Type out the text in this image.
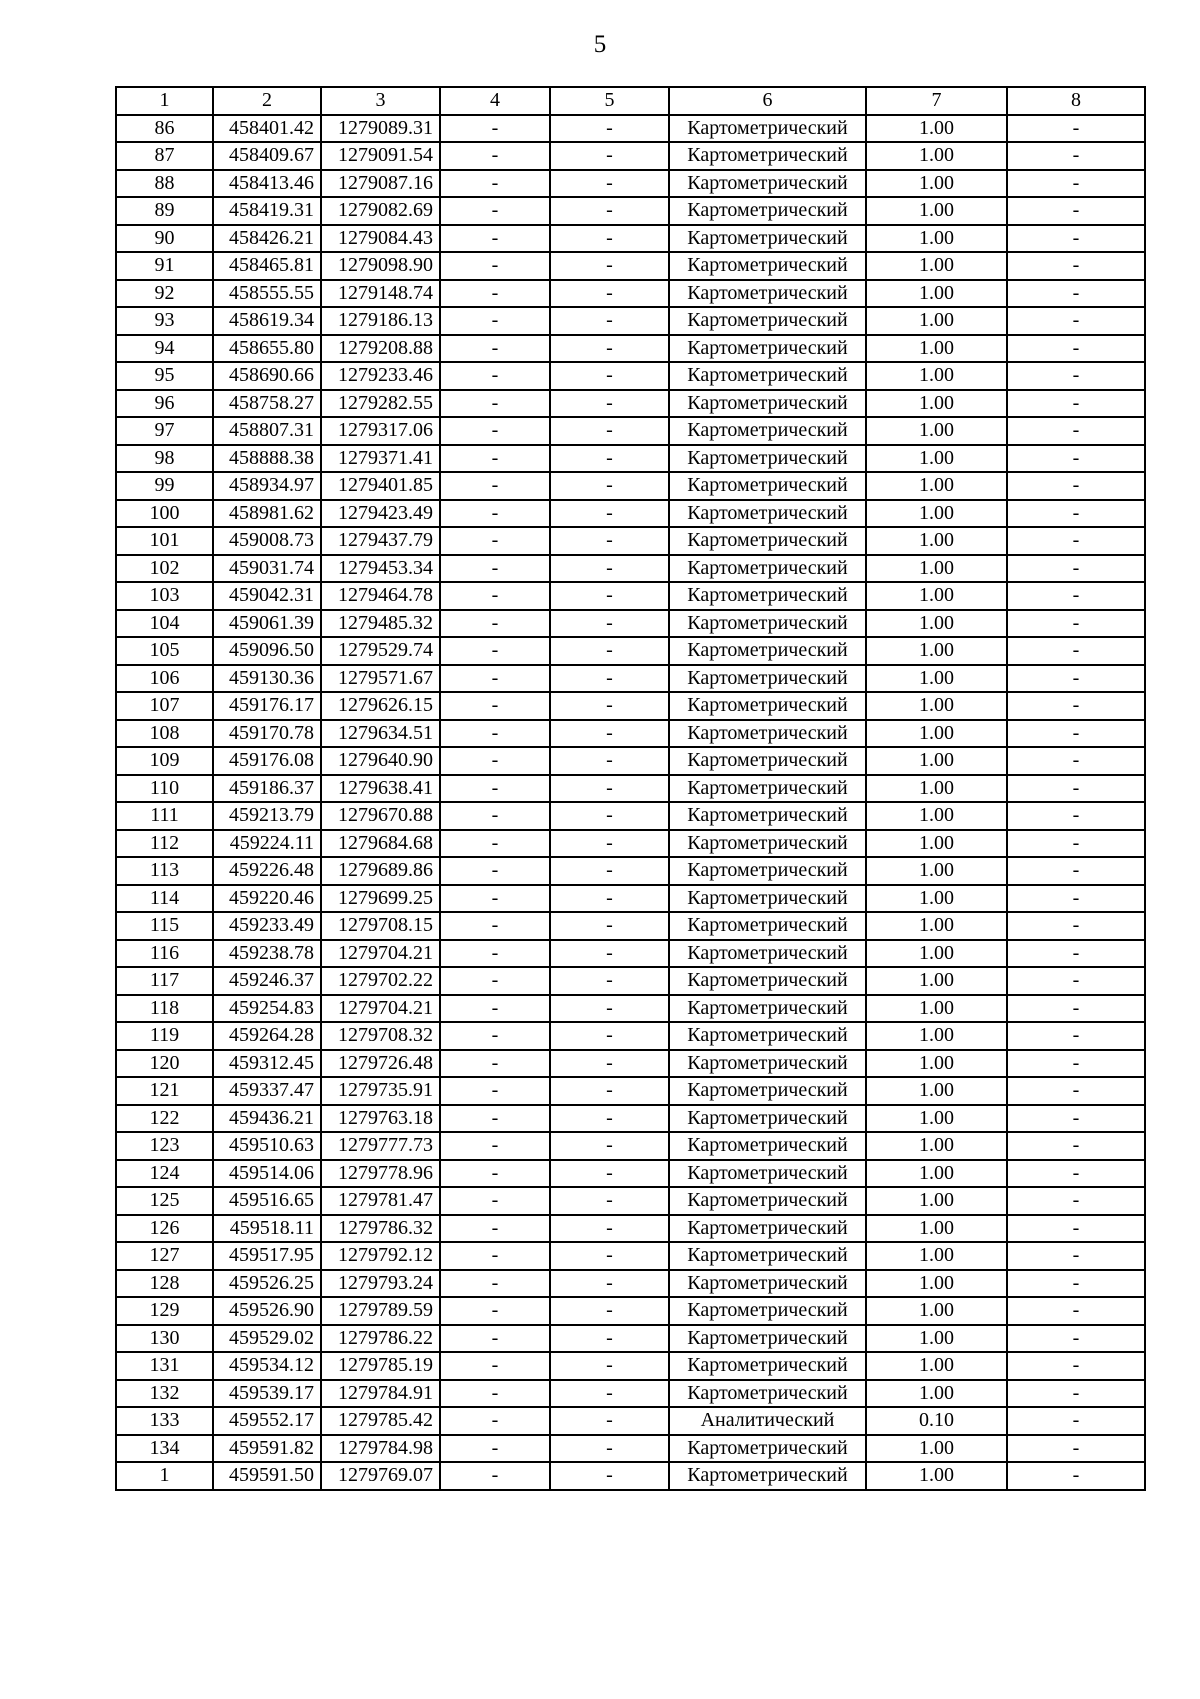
5
1	2	3	4	5	6	7	8
86	458401.42	1279089.31	-	-	Картометрический	1.00	-
87	458409.67	1279091.54	-	-	Картометрический	1.00	-
88	458413.46	1279087.16	-	-	Картометрический	1.00	-
89	458419.31	1279082.69	-	-	Картометрический	1.00	-
90	458426.21	1279084.43	-	-	Картометрический	1.00	-
91	458465.81	1279098.90	-	-	Картометрический	1.00	-
92	458555.55	1279148.74	-	-	Картометрический	1.00	-
93	458619.34	1279186.13	-	-	Картометрический	1.00	-
94	458655.80	1279208.88	-	-	Картометрический	1.00	-
95	458690.66	1279233.46	-	-	Картометрический	1.00	-
96	458758.27	1279282.55	-	-	Картометрический	1.00	-
97	458807.31	1279317.06	-	-	Картометрический	1.00	-
98	458888.38	1279371.41	-	-	Картометрический	1.00	-
99	458934.97	1279401.85	-	-	Картометрический	1.00	-
100	458981.62	1279423.49	-	-	Картометрический	1.00	-
101	459008.73	1279437.79	-	-	Картометрический	1.00	-
102	459031.74	1279453.34	-	-	Картометрический	1.00	-
103	459042.31	1279464.78	-	-	Картометрический	1.00	-
104	459061.39	1279485.32	-	-	Картометрический	1.00	-
105	459096.50	1279529.74	-	-	Картометрический	1.00	-
106	459130.36	1279571.67	-	-	Картометрический	1.00	-
107	459176.17	1279626.15	-	-	Картометрический	1.00	-
108	459170.78	1279634.51	-	-	Картометрический	1.00	-
109	459176.08	1279640.90	-	-	Картометрический	1.00	-
110	459186.37	1279638.41	-	-	Картометрический	1.00	-
111	459213.79	1279670.88	-	-	Картометрический	1.00	-
112	459224.11	1279684.68	-	-	Картометрический	1.00	-
113	459226.48	1279689.86	-	-	Картометрический	1.00	-
114	459220.46	1279699.25	-	-	Картометрический	1.00	-
115	459233.49	1279708.15	-	-	Картометрический	1.00	-
116	459238.78	1279704.21	-	-	Картометрический	1.00	-
117	459246.37	1279702.22	-	-	Картометрический	1.00	-
118	459254.83	1279704.21	-	-	Картометрический	1.00	-
119	459264.28	1279708.32	-	-	Картометрический	1.00	-
120	459312.45	1279726.48	-	-	Картометрический	1.00	-
121	459337.47	1279735.91	-	-	Картометрический	1.00	-
122	459436.21	1279763.18	-	-	Картометрический	1.00	-
123	459510.63	1279777.73	-	-	Картометрический	1.00	-
124	459514.06	1279778.96	-	-	Картометрический	1.00	-
125	459516.65	1279781.47	-	-	Картометрический	1.00	-
126	459518.11	1279786.32	-	-	Картометрический	1.00	-
127	459517.95	1279792.12	-	-	Картометрический	1.00	-
128	459526.25	1279793.24	-	-	Картометрический	1.00	-
129	459526.90	1279789.59	-	-	Картометрический	1.00	-
130	459529.02	1279786.22	-	-	Картометрический	1.00	-
131	459534.12	1279785.19	-	-	Картометрический	1.00	-
132	459539.17	1279784.91	-	-	Картометрический	1.00	-
133	459552.17	1279785.42	-	-	Аналитический	0.10	-
134	459591.82	1279784.98	-	-	Картометрический	1.00	-
1	459591.50	1279769.07	-	-	Картометрический	1.00	-
